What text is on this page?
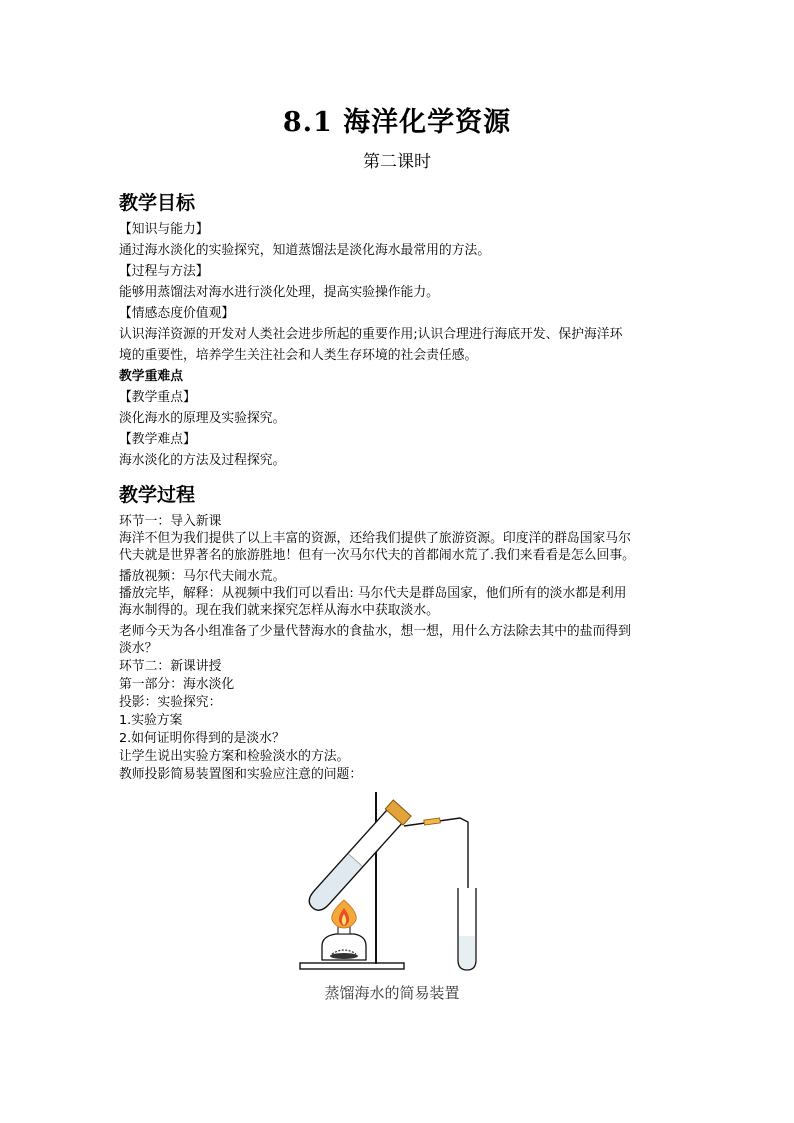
8.1 海洋化学资源
第二课时
教学目标
【知识与能力】
通过海水淡化的实验探究，知道蒸馏法是淡化海水最常用的方法。
【过程与方法】
能够用蒸馏法对海水进行淡化处理，提高实验操作能力。
【情感态度价值观】
认识海洋资源的开发对人类社会进步所起的重要作用;认识合理进行海底开发、保护海洋环
境的重要性，培养学生关注社会和人类生存环境的社会责任感。
教学重难点
【教学重点】
淡化海水的原理及实验探究。
【教学难点】
海水淡化的方法及过程探究。
教学过程
环节一：导入新课
海洋不但为我们提供了以上丰富的资源，还给我们提供了旅游资源。印度洋的群岛国家马尔
代夫就是世界著名的旅游胜地！但有一次马尔代夫的首都闹水荒了.我们来看看是怎么回事。
播放视频：马尔代夫闹水荒。
播放完毕，解释：从视频中我们可以看出: 马尔代夫是群岛国家，他们所有的淡水都是利用
海水制得的。现在我们就来探究怎样从海水中获取淡水。
老师今天为各小组准备了少量代替海水的食盐水，想一想，用什么方法除去其中的盐而得到
淡水？
环节二：新课讲授
第一部分：海水淡化
投影：实验探究：
1.实验方案
2.如何证明你得到的是淡水？
让学生说出实验方案和检验淡水的方法。
教师投影简易装置图和实验应注意的问题：
蒸馏海水的简易装置
